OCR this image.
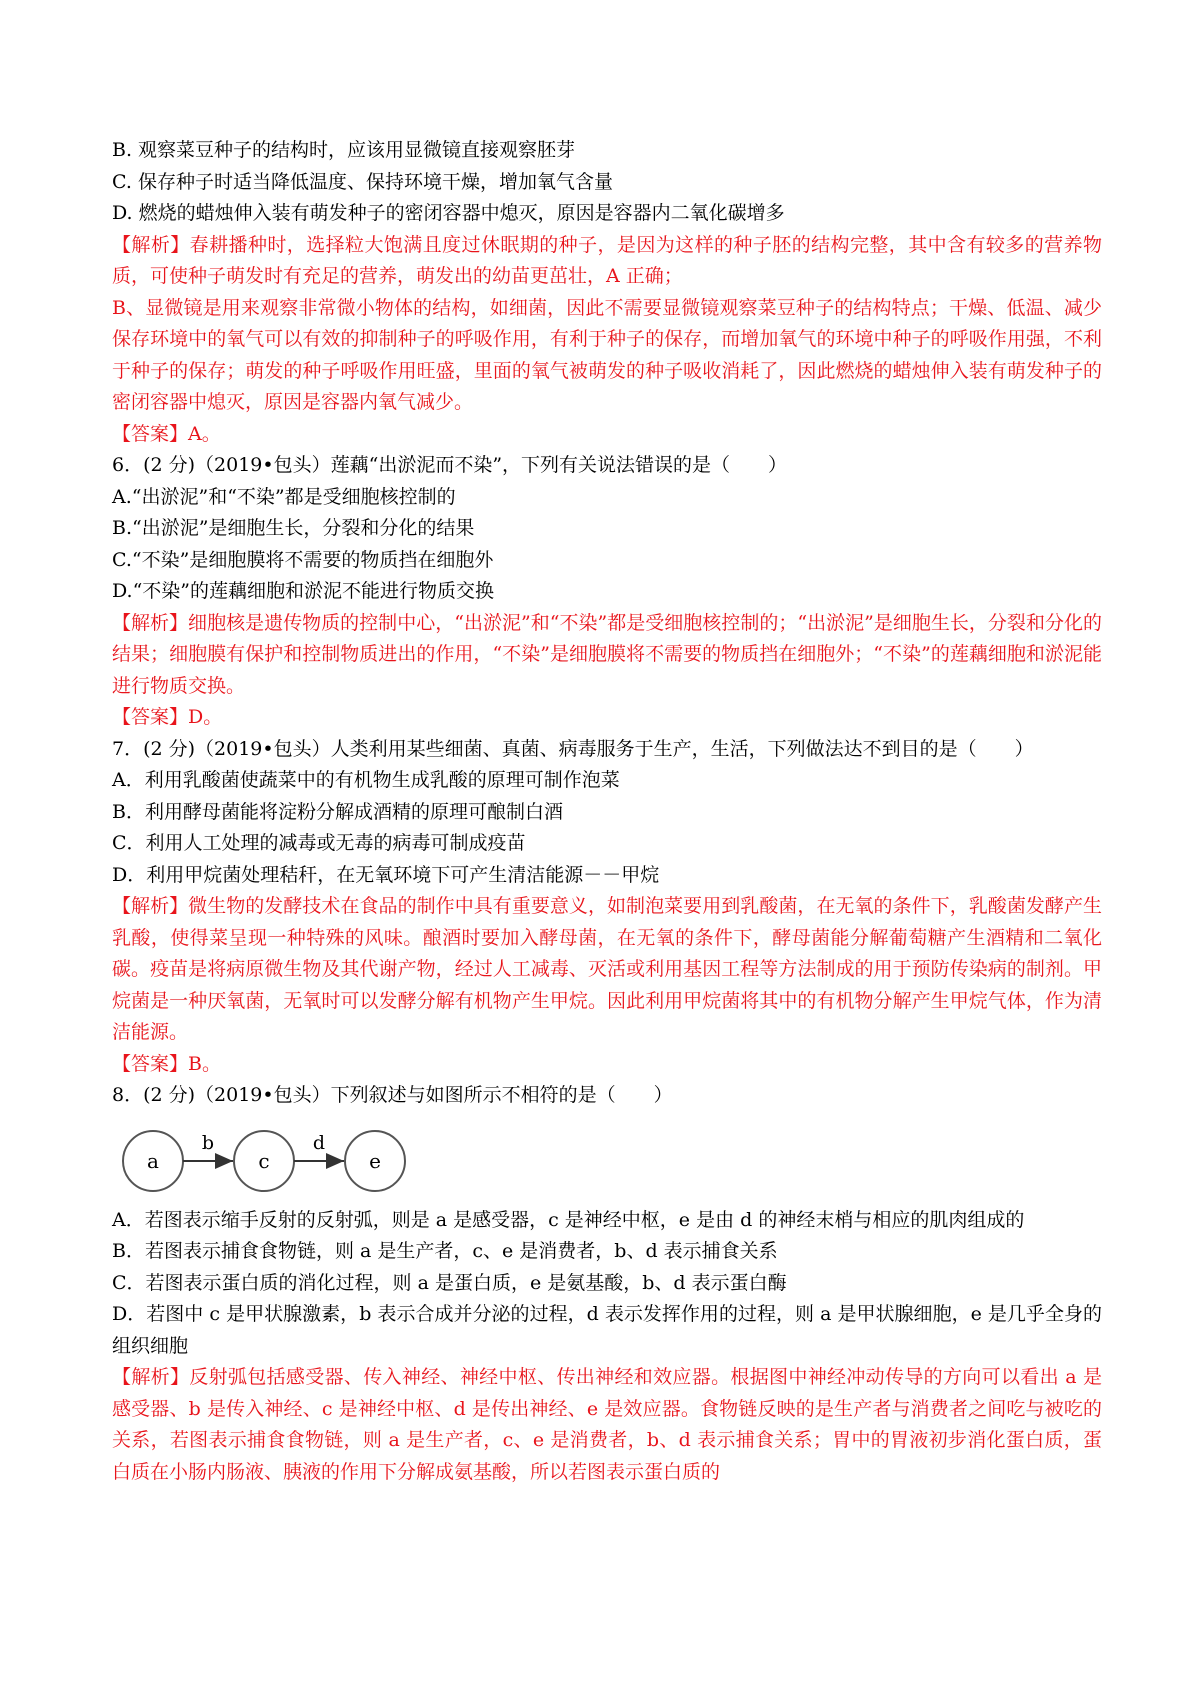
B. 观察菜豆种子的结构时，应该用显微镜直接观察胚芽

C. 保存种子时适当降低温度、保持环境干燥，增加氧气含量

D. 燃烧的蜡烛伸入装有萌发种子的密闭容器中熄灭，原因是容器内二氧化碳增多

【解析】春耕播种时，选择粒大饱满且度过休眠期的种子，是因为这样的种子胚的结构完整，其中含有较多的营养物质，可使种子萌发时有充足的营养，萌发出的幼苗更茁壮，A 正确；

B、显微镜是用来观察非常微小物体的结构，如细菌，因此不需要显微镜观察菜豆种子的结构特点；干燥、低温、减少保存环境中的氧气可以有效的抑制种子的呼吸作用，有利于种子的保存，而增加氧气的环境中种子的呼吸作用强，不利于种子的保存；萌发的种子呼吸作用旺盛，里面的氧气被萌发的种子吸收消耗了，因此燃烧的蜡烛伸入装有萌发种子的密闭容器中熄灭，原因是容器内氧气减少。

【答案】A。

6．(2 分)（2019•包头）莲藕“出淤泥而不染”，下列有关说法错误的是（　　）

A.“出淤泥”和“不染”都是受细胞核控制的

B.“出淤泥”是细胞生长，分裂和分化的结果

C.“不染”是细胞膜将不需要的物质挡在细胞外

D.“不染”的莲藕细胞和淤泥不能进行物质交换

【解析】细胞核是遗传物质的控制中心，“出淤泥”和“不染”都是受细胞核控制的；“出淤泥”是细胞生长，分裂和分化的结果；细胞膜有保护和控制物质进出的作用，“不染”是细胞膜将不需要的物质挡在细胞外；“不染”的莲藕细胞和淤泥能进行物质交换。

【答案】D。

7．(2 分)（2019•包头）人类利用某些细菌、真菌、病毒服务于生产，生活，下列做法达不到目的是（　　）

A．利用乳酸菌使蔬菜中的有机物生成乳酸的原理可制作泡菜

B．利用酵母菌能将淀粉分解成酒精的原理可酿制白酒

C．利用人工处理的减毒或无毒的病毒可制成疫苗

D．利用甲烷菌处理秸秆，在无氧环境下可产生清洁能源－－甲烷

【解析】微生物的发酵技术在食品的制作中具有重要意义，如制泡菜要用到乳酸菌，在无氧的条件下，乳酸菌发酵产生乳酸，使得菜呈现一种特殊的风味。酿酒时要加入酵母菌，在无氧的条件下，酵母菌能分解葡萄糖产生酒精和二氧化碳。疫苗是将病原微生物及其代谢产物，经过人工减毒、灭活或利用基因工程等方法制成的用于预防传染病的制剂。甲烷菌是一种厌氧菌，无氧时可以发酵分解有机物产生甲烷。因此利用甲烷菌将其中的有机物分解产生甲烷气体，作为清洁能源。

【答案】B。

8．(2 分)（2019•包头）下列叙述与如图所示不相符的是（　　）

a	c	e
b	d

A．若图表示缩手反射的反射弧，则是 a 是感受器，c 是神经中枢，e 是由 d 的神经末梢与相应的肌肉组成的

B．若图表示捕食食物链，则 a 是生产者，c、e 是消费者，b、d 表示捕食关系

C．若图表示蛋白质的消化过程，则 a 是蛋白质，e 是氨基酸，b、d 表示蛋白酶

D．若图中 c 是甲状腺激素，b 表示合成并分泌的过程，d 表示发挥作用的过程，则 a 是甲状腺细胞，e 是几乎全身的组织细胞

【解析】反射弧包括感受器、传入神经、神经中枢、传出神经和效应器。根据图中神经冲动传导的方向可以看出 a 是感受器、b 是传入神经、c 是神经中枢、d 是传出神经、e 是效应器。食物链反映的是生产者与消费者之间吃与被吃的关系，若图表示捕食食物链，则 a 是生产者，c、e 是消费者，b、d 表示捕食关系；胃中的胃液初步消化蛋白质，蛋白质在小肠内肠液、胰液的作用下分解成氨基酸，所以若图表示蛋白质的
